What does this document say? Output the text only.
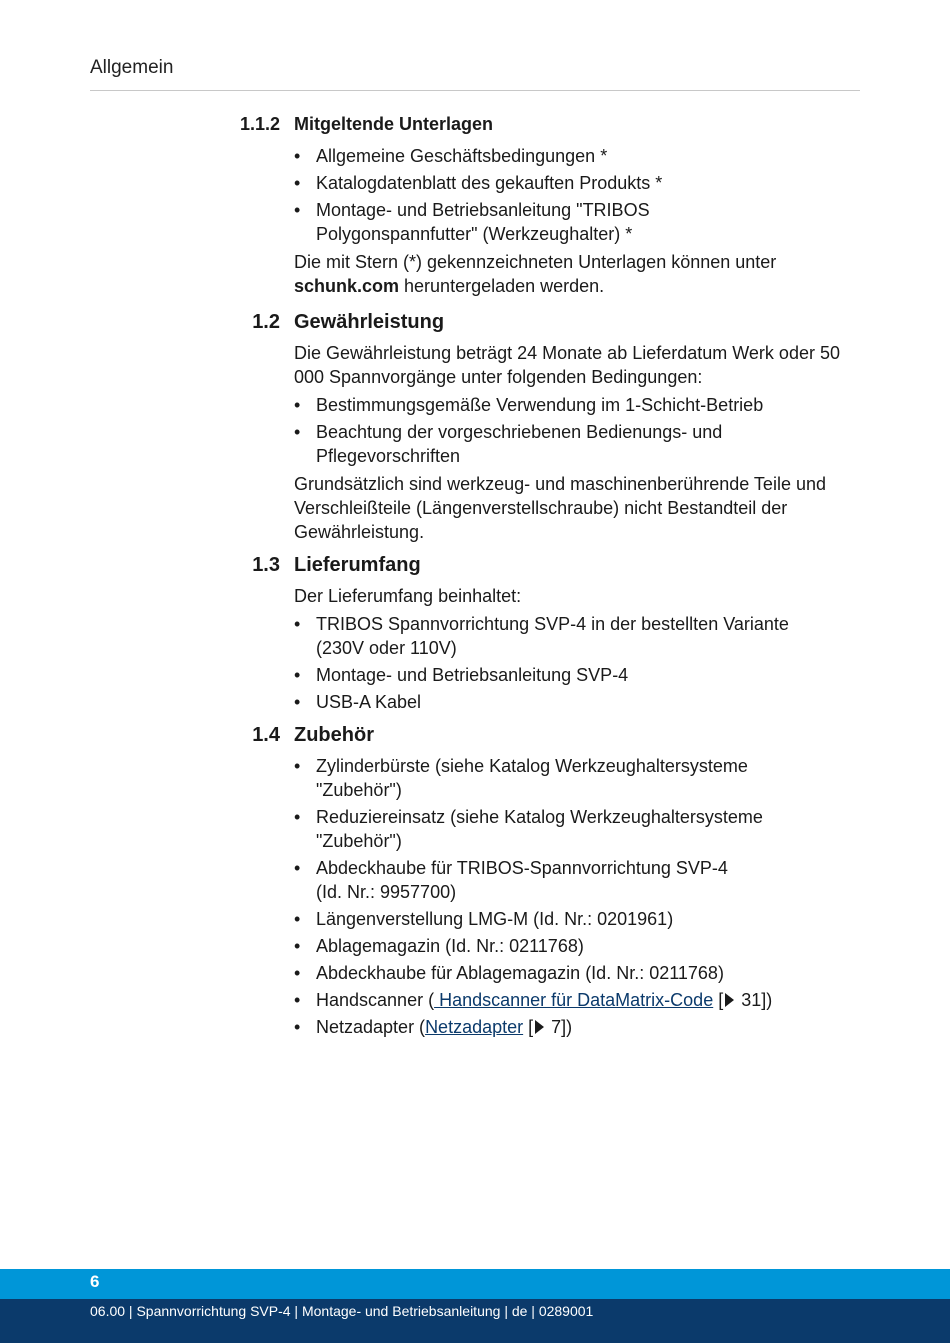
Allgemein
1.1.2 Mitgeltende Unterlagen
• Allgemeine Geschäftsbedingungen *
• Katalogdatenblatt des gekauften Produkts *
• Montage- und Betriebsanleitung "TRIBOS Polygonspannfutter" (Werkzeughalter) *

Die mit Stern (*) gekennzeichneten Unterlagen können unter
schunk.com heruntergeladen werden.

1.2 Gewährleistung

Die Gewährleistung beträgt 24 Monate ab Lieferdatum Werk oder 50 000 Spannvorgänge unter folgenden Bedingungen:

• Bestimmungsgemäße Verwendung im 1-Schicht-Betrieb
• Beachtung der vorgeschriebenen Bedienungs- und Pflegevorschriften

Grundsätzlich sind werkzeug- und maschinenberührende Teile und Verschleißteile (Längenverstellschraube) nicht Bestandteil der Gewährleistung.

1.3 Lieferumfang

Der Lieferumfang beinhaltet:

• TRIBOS Spannvorrichtung SVP-4 in der bestellten Variante (230V oder 110V)
• Montage- und Betriebsanleitung SVP-4
• USB-A Kabel
1.4 Zubehör
• Zylinderbürste (siehe Katalog Werkzeughaltersysteme "Zubehör")
• Reduziereinsatz (siehe Katalog Werkzeughaltersysteme "Zubehör")
• Abdeckhaube für TRIBOS-Spannvorrichtung SVP-4 (Id. Nr.: 9957700)
• Längenverstellung LMG-M (Id. Nr.: 0201961)
• Ablagemagazin (Id. Nr.: 0211768)
• Abdeckhaube für Ablagemagazin (Id. Nr.: 0211768)
• Handscanner ( Handscanner für DataMatrix-Code [ 31])
• Netzadapter (Netzadapter [ 7])
6
06.00 | Spannvorrichtung SVP-4 | Montage- und Betriebsanleitung | de | 0289001
